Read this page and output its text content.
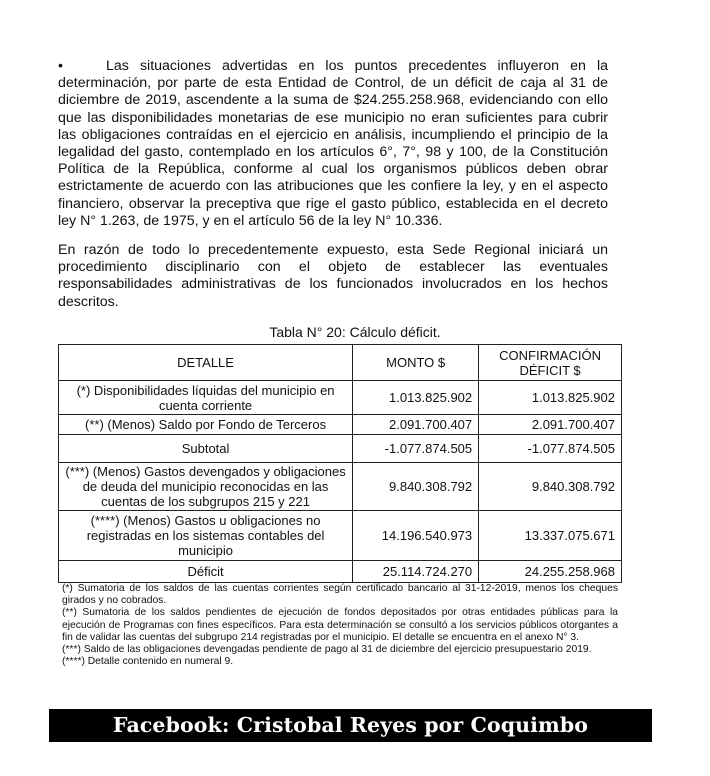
•	Las situaciones advertidas en los puntos precedentes influyeron en la determinación, por parte de esta Entidad de Control, de un déficit de caja al 31 de diciembre de 2019, ascendente a la suma de $24.255.258.968, evidenciando con ello que las disponibilidades monetarias de ese municipio no eran suficientes para cubrir las obligaciones contraídas en el ejercicio en análisis, incumpliendo el principio de la legalidad del gasto, contemplado en los artículos 6°, 7°, 98 y 100, de la Constitución Política de la República, conforme al cual los organismos públicos deben obrar estrictamente de acuerdo con las atribuciones que les confiere la ley, y en el aspecto financiero, observar la preceptiva que rige el gasto público, establecida en el decreto ley N° 1.263, de 1975, y en el artículo 56 de la ley N° 10.336.

En razón de todo lo precedentemente expuesto, esta Sede Regional iniciará un procedimiento disciplinario con el objeto de establecer las eventuales responsabilidades administrativas de los funcionados involucrados en los hechos descritos.

Tabla N° 20: Cálculo déficit.
DETALLE	MONTO $	CONFIRMACIÓN DÉFICIT $
(*) Disponibilidades líquidas del municipio en cuenta corriente	1.013.825.902	1.013.825.902
(**) (Menos) Saldo por Fondo de Terceros	2.091.700.407	2.091.700.407
Subtotal	-1.077.874.505	-1.077.874.505
(***) (Menos) Gastos devengados y obligaciones de deuda del municipio reconocidas en las cuentas de los subgrupos 215 y 221	9.840.308.792	9.840.308.792
(****) (Menos) Gastos u obligaciones no registradas en los sistemas contables del municipio	14.196.540.973	13.337.075.671
Déficit	25.114.724.270	24.255.258.968

(*) Sumatoria de los saldos de las cuentas corrientes según certificado bancario al 31-12-2019, menos los cheques girados y no cobrados.

(**) Sumatoria de los saldos pendientes de ejecución de fondos depositados por otras entidades públicas para la ejecución de Programas con fines específicos. Para esta determinación se consultó a los servicios públicos otorgantes a fin de validar las cuentas del subgrupo 214 registradas por el municipio. El detalle se encuentra en el anexo N° 3.

(***) Saldo de las obligaciones devengadas pendiente de pago al 31 de diciembre del ejercicio presupuestario 2019.

(****) Detalle contenido en numeral 9.

Facebook: Cristobal Reyes por Coquimbo
